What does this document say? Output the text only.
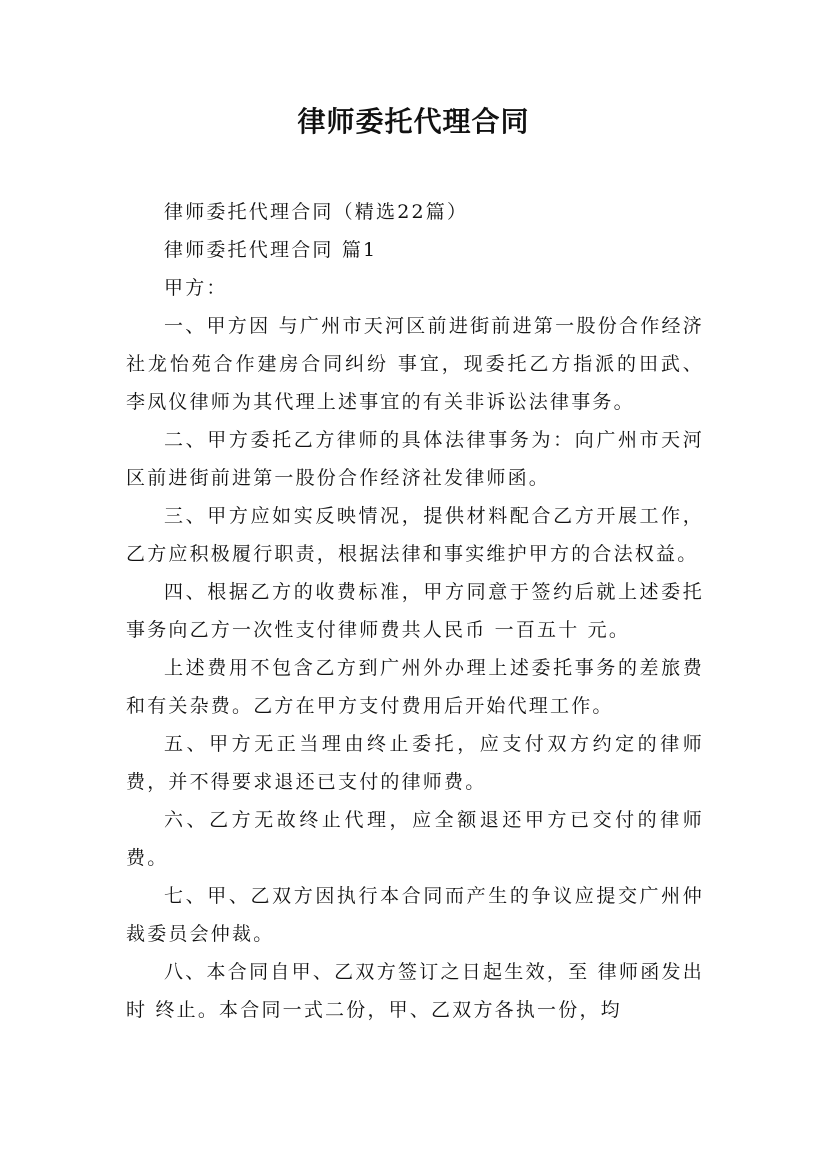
律师委托代理合同

律师委托代理合同（精选22篇）

律师委托代理合同 篇1

甲方：

一、甲方因 与广州市天河区前进街前进第一股份合作经济社龙怡苑合作建房合同纠纷 事宜，现委托乙方指派的田武、李凤仪律师为其代理上述事宜的有关非诉讼法律事务。

二、甲方委托乙方律师的具体法律事务为：向广州市天河区前进街前进第一股份合作经济社发律师函。

三、甲方应如实反映情况，提供材料配合乙方开展工作，乙方应积极履行职责，根据法律和事实维护甲方的合法权益。

四、根据乙方的收费标准，甲方同意于签约后就上述委托事务向乙方一次性支付律师费共人民币 一百五十 元。

上述费用不包含乙方到广州外办理上述委托事务的差旅费和有关杂费。乙方在甲方支付费用后开始代理工作。

五、甲方无正当理由终止委托，应支付双方约定的律师费，并不得要求退还已支付的律师费。

六、乙方无故终止代理，应全额退还甲方已交付的律师费。

七、甲、乙双方因执行本合同而产生的争议应提交广州仲裁委员会仲裁。

八、本合同自甲、乙双方签订之日起生效，至 律师函发出时 终止。本合同一式二份，甲、乙双方各执一份，均
